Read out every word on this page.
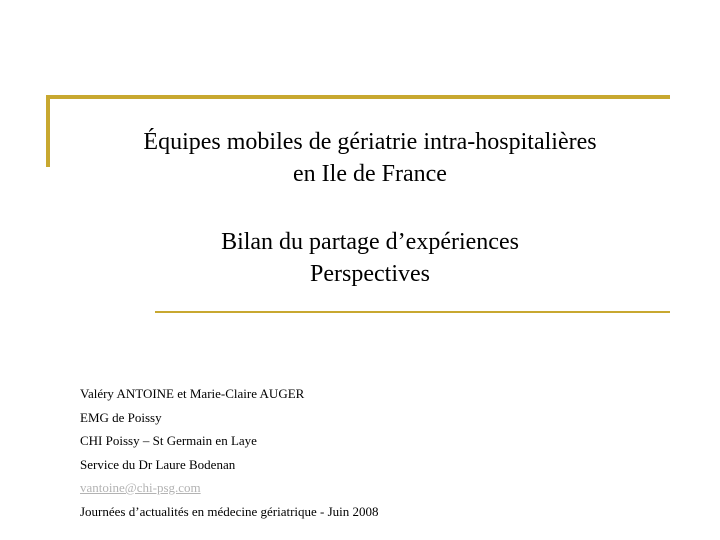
Équipes mobiles de gériatrie intra-hospitalières
en Ile de France
Bilan du partage d’expériences
Perspectives
Valéry ANTOINE et Marie-Claire AUGER
EMG de Poissy
CHI Poissy – St Germain en Laye
Service du Dr Laure Bodenan
vantoine@chi-psg.com
Journées d’actualités en médecine gériatrique - Juin 2008
